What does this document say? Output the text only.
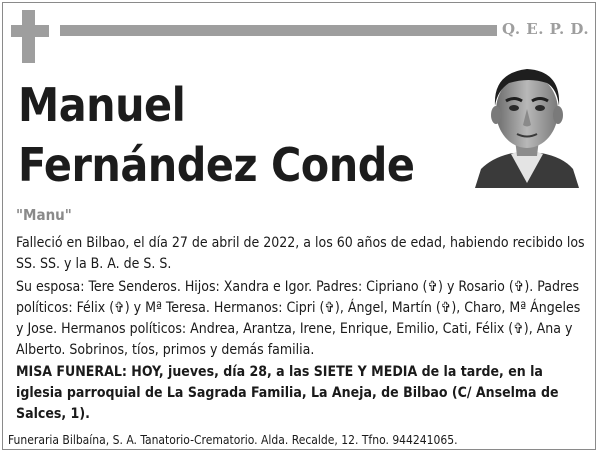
Q. E. P. D.
Manuel
Fernández Conde
"Manu"
Falleció en Bilbao, el día 27 de abril de 2022, a los 60 años de edad, habiendo recibido los SS. SS. y la B. A. de S. S.
Su esposa: Tere Senderos. Hijos: Xandra e Igor. Padres: Cipriano (✞) y Rosario (✞). Padres políticos: Félix (✞) y Mª Teresa. Hermanos: Cipri (✞), Ángel, Martín (✞), Charo, Mª Ángeles y Jose. Hermanos políticos: Andrea, Arantza, Irene, Enrique, Emilio, Cati, Félix (✞), Ana y Alberto. Sobrinos, tíos, primos y demás familia.
MISA FUNERAL: HOY, jueves, día 28, a las SIETE Y MEDIA de la tarde, en la iglesia parroquial de La Sagrada Familia, La Aneja, de Bilbao (C/ Anselma de Salces, 1).
Funeraria Bilbaína, S. A. Tanatorio-Crematorio. Alda. Recalde, 12. Tfno. 944241065.
